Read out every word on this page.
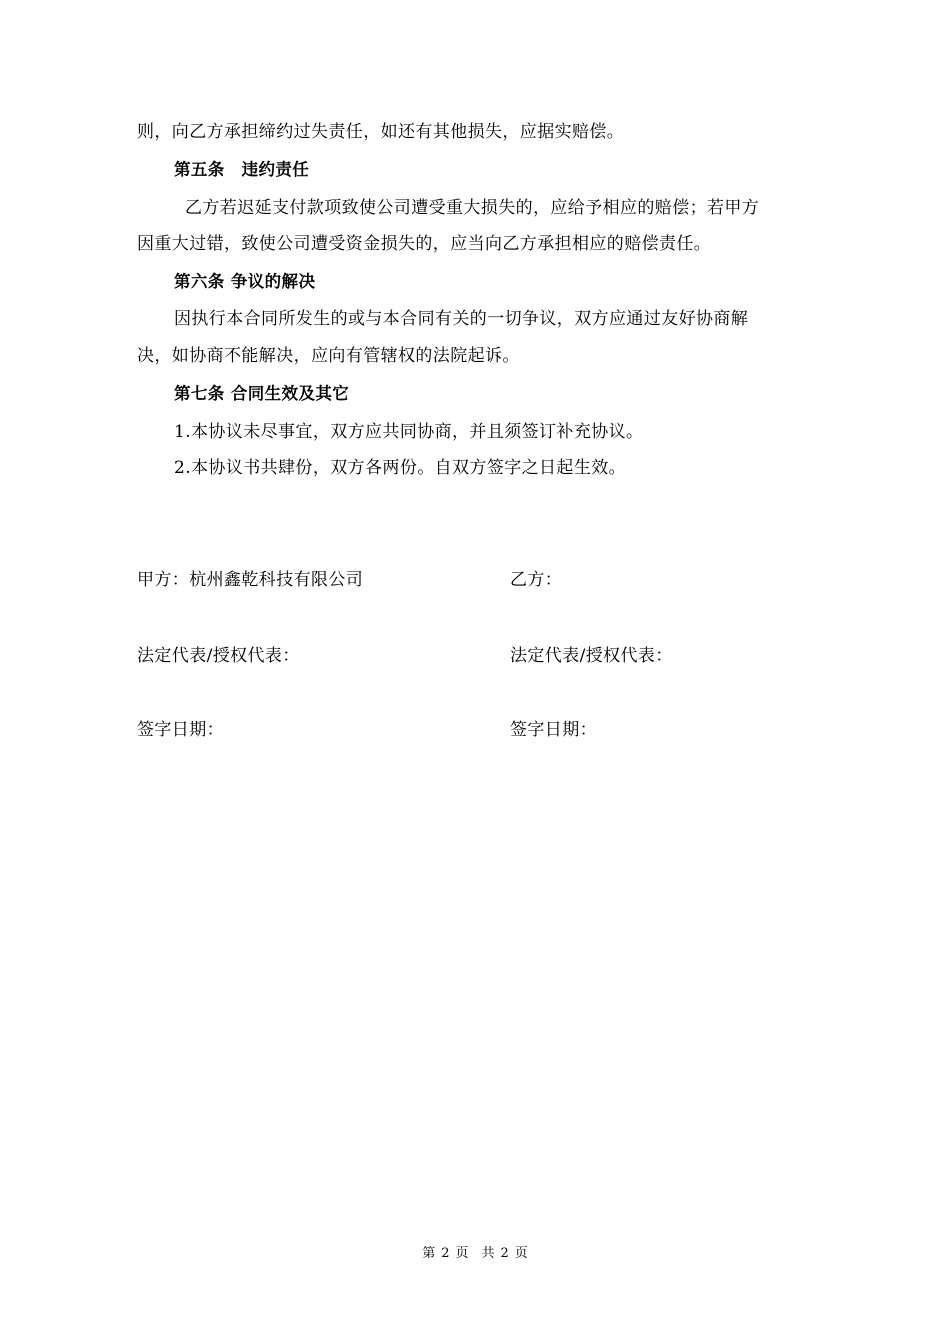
则，向乙方承担缔约过失责任，如还有其他损失，应据实赔偿。
第五条　违约责任
乙方若迟延支付款项致使公司遭受重大损失的，应给予相应的赔偿；若甲方
因重大过错，致使公司遭受资金损失的，应当向乙方承担相应的赔偿责任。
第六条 争议的解决
因执行本合同所发生的或与本合同有关的一切争议，双方应通过友好协商解
决，如协商不能解决，应向有管辖权的法院起诉。
第七条 合同生效及其它
1.本协议未尽事宜，双方应共同协商，并且须签订补充协议。
2.本协议书共肆份，双方各两份。自双方签字之日起生效。
甲方：杭州鑫乾科技有限公司	乙方：
法定代表/授权代表：	法定代表/授权代表：
签字日期：	签字日期：
第 2 页　共 2 页
